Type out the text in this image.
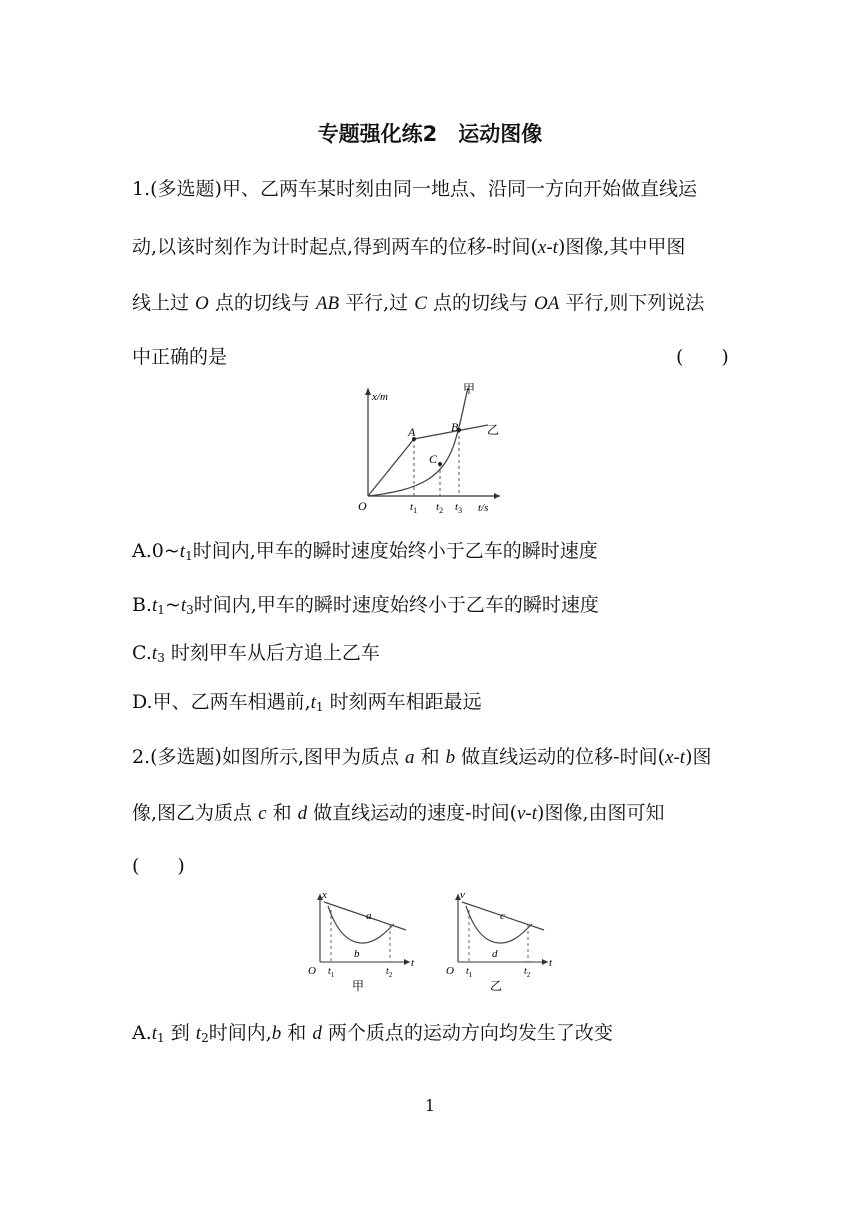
专题强化练2　运动图像
1.(多选题)甲、乙两车某时刻由同一地点、沿同一方向开始做直线运
动,以该时刻作为计时起点,得到两车的位移-时间(x-t)图像,其中甲图
线上过 O 点的切线与 AB 平行,过 C 点的切线与 OA 平行,则下列说法
中正确的是	(　　)
x/m
t/s
O
甲
乙
A	B
C
$t_1$ $t_2$ $t_3$
$A.0\sim t_1$时间内,甲车的瞬时速度始终小于乙车的瞬时速度
$B.t_1\sim t_3$时间内,甲车的瞬时速度始终小于乙车的瞬时速度
$C.t_3$ 时刻甲车从后方追上乙车
D.甲、乙两车相遇前$,t_1$ 时刻两车相距最远
2.(多选题)如图所示,图甲为质点 a 和 b 做直线运动的位移-时间(x-t)图
像,图乙为质点 c 和 d 做直线运动的速度-时间(v-t)图像,由图可知
(　　)
x
t
O
a
b
$t_1$	$t_2$
甲
v
t
O
c
d
$t_1$	$t_2$
乙
$A.t_1$ 到 $t_2$时间内,b 和 d 两个质点的运动方向均发生了改变
1
